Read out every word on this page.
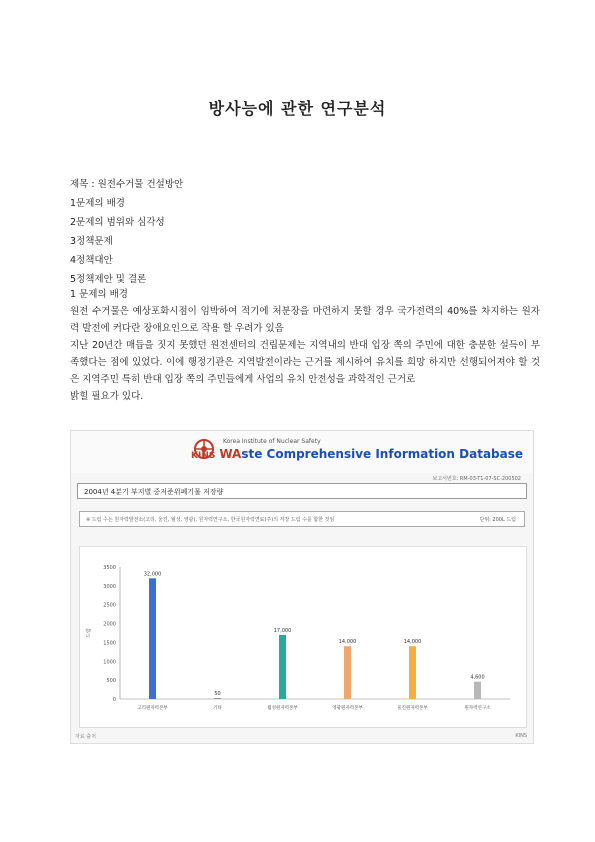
방사능에 관한 연구분석
제목 : 원전수거물 건설방안
1문제의 배경
2문제의 범위와 심각성
3정책문제
4정책대안
5정책제안 및 결론

1 문제의 배경

원전 수거물은 예상포화시점이 임박하여 적기에 처분장을 마련하지 못할 경우 국가전력의 40%를 차지하는 원자력 발전에 커다란 장애요인으로 작용 할 우려가 있음

지난 20년간 매듭을 짓지 못했던 원전센터의 건립문제는 지역내의 반대 입장 쪽의 주민에 대한 충분한 설득이 부족했다는 점에 있었다. 이에 행정기관은 지역발전이라는 근거를 제시하여 유치를 희망 하지만 선행되어져야 할 것은 지역주민 특히 반대 입장 쪽의 주민들에게 사업의 유치 안전성을 과학적인 근거로

밝힐 필요가 있다.

Korea Institute of Nuclear Safety
KINS WAste Comprehensive Information Database
보고서번호: RM-03-T1-07-SC-200502
2004년 4분기 부지별 중저준위폐기물 저장량
※ 드럼 수는 원자력발전소(고리, 울진, 월성, 영광), 원자력연구소, 한국원자력연료(주)의 저장 드럼 수를 합한 것임	단위: 200L 드럼
0
500
1000
1500
2000
2500
3000
3500
드럼
32,000
고리원자력본부
50
기타
17,000
월성원자력본부
14,000
영광원자력본부
14,000
울진원자력본부
4,600
원자력연구소
자료 출처	KINS
